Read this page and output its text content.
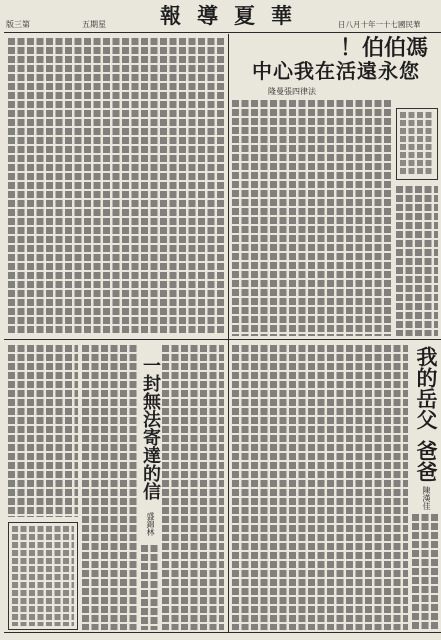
版三第	五期星	報導夏華	日八月十年一十七國民華
！伯伯馮
中心我在活遠永您
隆曼張四律法
一封無法寄達的信
盛錦林
我的岳父
爸爸
陳漢佳
